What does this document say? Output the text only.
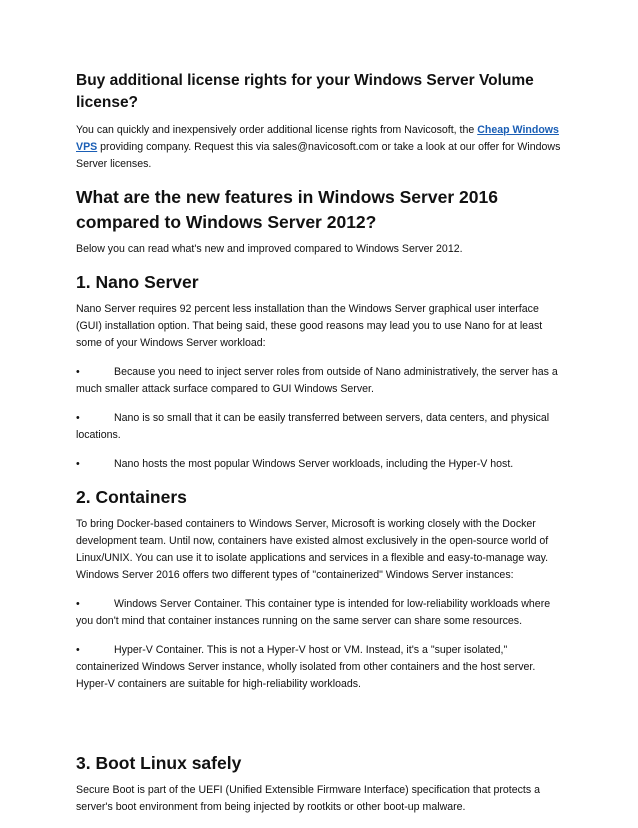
Buy additional license rights for your Windows Server Volume license?

You can quickly and inexpensively order additional license rights from Navicosoft, the Cheap Windows VPS providing company. Request this via sales@navicosoft.com or take a look at our offer for Windows Server licenses.

What are the new features in Windows Server 2016 compared to Windows Server 2012?

Below you can read what's new and improved compared to Windows Server 2012.

1. Nano Server

Nano Server requires 92 percent less installation than the Windows Server graphical user interface (GUI) installation option. That being said, these good reasons may lead you to use Nano for at least some of your Windows Server workload:

•	Because you need to inject server roles from outside of Nano administratively, the server has a much smaller attack surface compared to GUI Windows Server.

•	Nano is so small that it can be easily transferred between servers, data centers, and physical locations.

•	Nano hosts the most popular Windows Server workloads, including the Hyper-V host.

2. Containers

To bring Docker-based containers to Windows Server, Microsoft is working closely with the Docker development team. Until now, containers have existed almost exclusively in the open-source world of Linux/UNIX. You can use it to isolate applications and services in a flexible and easy-to-manage way. Windows Server 2016 offers two different types of "containerized" Windows Server instances:

•	Windows Server Container. This container type is intended for low-reliability workloads where you don't mind that container instances running on the same server can share some resources.

•	Hyper-V Container. This is not a Hyper-V host or VM. Instead, it's a "super isolated," containerized Windows Server instance, wholly isolated from other containers and the host server. Hyper-V containers are suitable for high-reliability workloads.

3. Boot Linux safely

Secure Boot is part of the UEFI (Unified Extensible Firmware Interface) specification that protects a server's boot environment from being injected by rootkits or other boot-up malware.
